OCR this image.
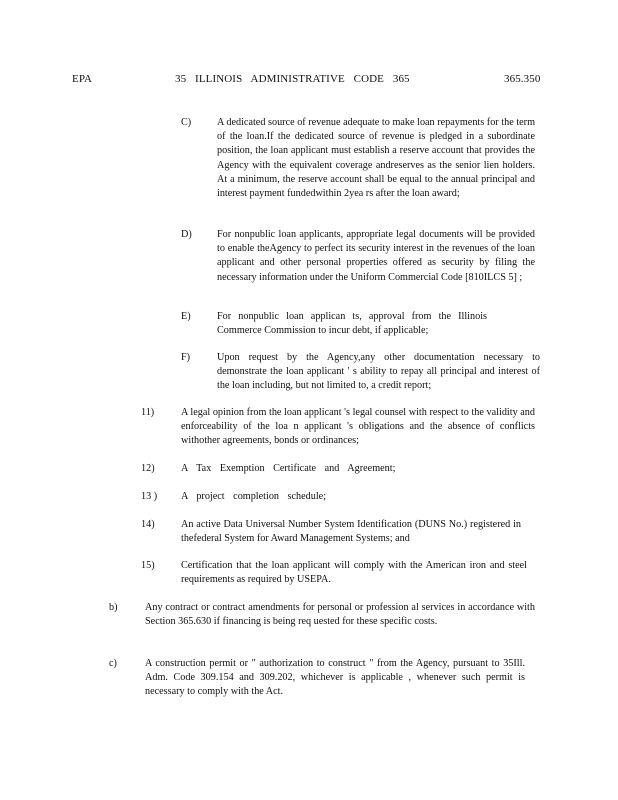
EPA	35 ILLINOIS ADMINISTRATIVE CODE 365	365.350
C)	A dedicated source of revenue adequate to make loan repayments for the term of the loan.If the dedicated source of revenue is pledged in a subordinate position, the loan applicant must establish a reserve account that provides the Agency with the equivalent coverage andreserves as the senior lien holders. At a minimum, the reserve account shall be equal to the annual principal and interest payment fundedwithin 2yea rs after the loan award;
D) For nonpublic loan applicants, appropriate legal documents will be provided to enable theAgency to perfect its security interest in the revenues of the loan applicant and other personal properties offered as security by filing the necessary information under the Uniform Commercial Code [810ILCS 5] ;
E)	For nonpublic loan applican ts, approval from the Illinois Commerce Commission to incur debt, if applicable;
F)	Upon request by the Agency,any other documentation necessary to demonstrate the loan applicant ' s ability to repay all principal and interest of the loan including, but not limited to, a credit report;
11)	A legal opinion from the loan applicant 's legal counsel with respect to the validity and enforceability of the loa n applicant 's obligations and the absence of conflicts withother agreements, bonds or ordinances;
12)	A Tax Exemption Certificate and Agreement;
13 ) A project completion schedule;
14)	An active Data Universal Number System Identification (DUNS No.) registered in thefederal System for Award Management Systems; and
15)	Certification that the loan applicant will comply with the American iron and steel requirements as required by USEPA.
b)	Any contract or contract amendments for personal or profession al services in accordance with Section 365.630 if financing is being req uested for these specific costs.
c)	A construction permit or " authorization to construct " from the Agency, pursuant to 35Ill. Adm. Code 309.154 and 309.202, whichever is applicable , whenever such permit is necessary to comply with the Act.
